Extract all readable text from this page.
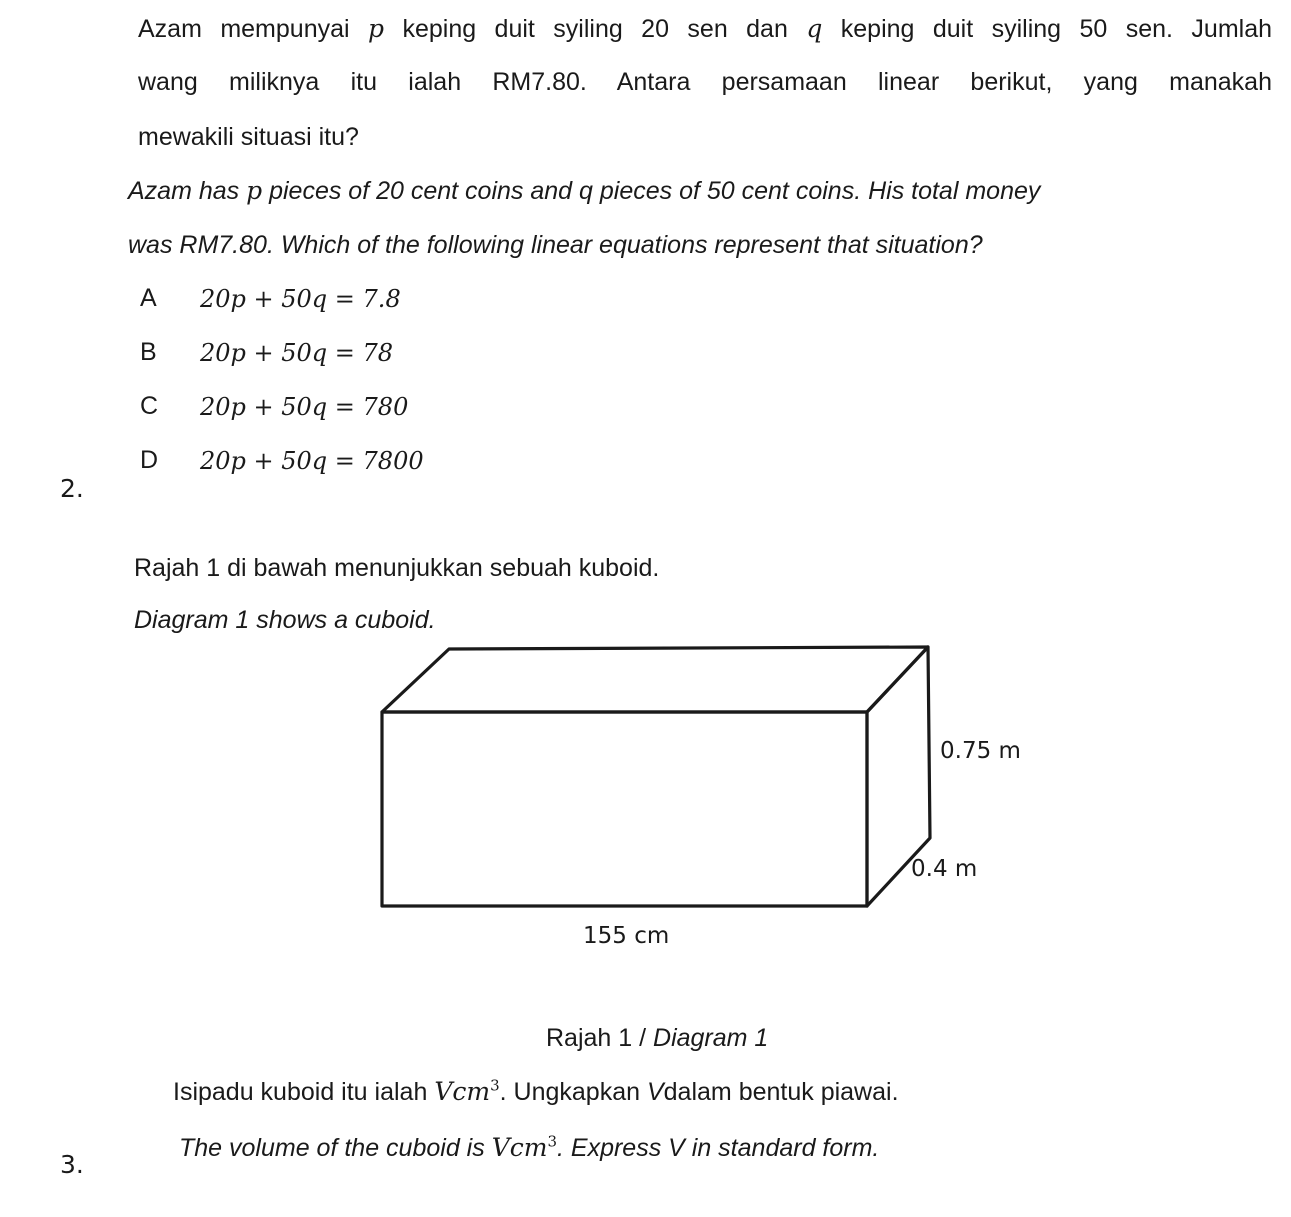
Azam mempunyai p keping duit syiling 20 sen dan q keping duit syiling 50 sen. Jumlah
wang miliknya itu ialah RM7.80. Antara persamaan linear berikut, yang manakah
mewakili situasi itu?
Azam has p pieces of 20 cent coins and q pieces of 50 cent coins. His total money
was RM7.80. Which of the following linear equations represent that situation?
A 20p + 50q = 7.8
B 20p + 50q = 78
C 20p + 50q = 780
D 20p + 50q = 7800
2.
Rajah 1 di bawah menunjukkan sebuah kuboid.
Diagram 1 shows a cuboid.
0.75 m
0.4 m
155 cm
Rajah 1 / Diagram 1
Isipadu kuboid itu ialah Vcm$^3$. Ungkapkan Vdalam bentuk piawai.
The volume of the cuboid is Vcm$^3$. Express V in standard form.
3.
